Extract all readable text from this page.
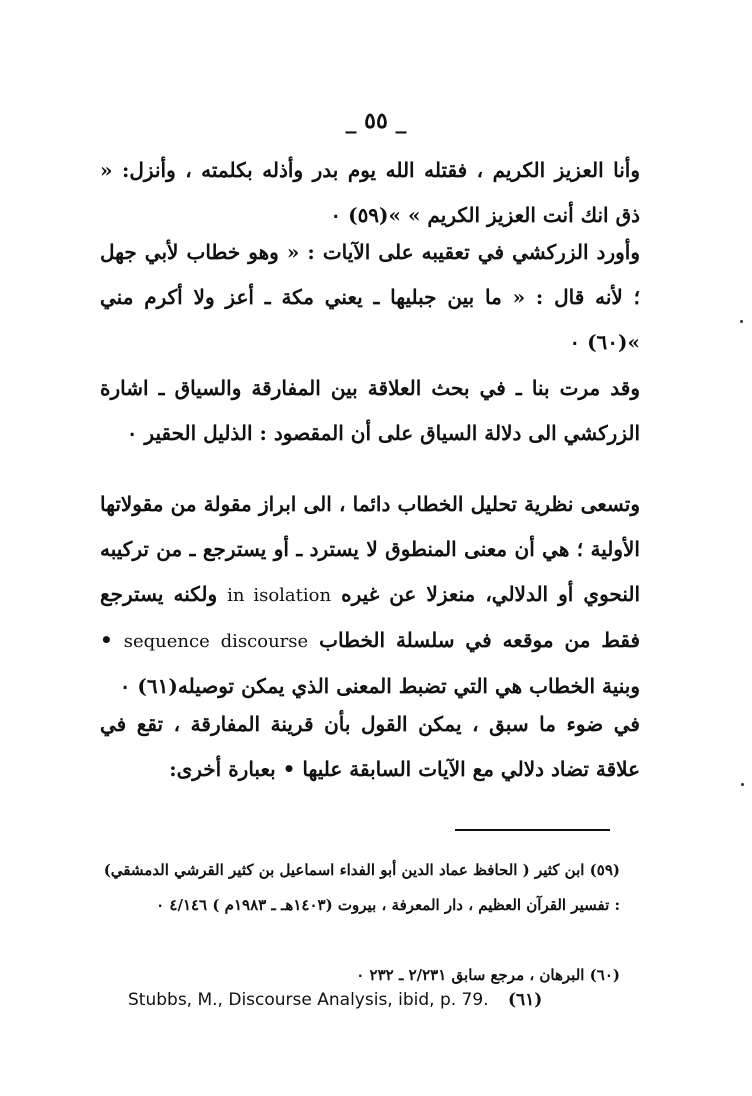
_ ٥٥ _
وأنا العزيز الكريم ، فقتله الله يوم بدر وأذله بكلمته ، وأنزل: « ذق انك أنت العزيز الكريم » »(٥٩) ٠
وأورد الزركشي في تعقيبه على الآيات : « وهو خطاب لأبي جهل ؛ لأنه قال : « ما بين جبليها ـ يعني مكة ـ أعز ولا أكرم مني »(٦٠) ٠
وقد مرت بنا ـ في بحث العلاقة بين المفارقة والسياق ـ اشارة الزركشي الى دلالة السياق على أن المقصود : الذليل الحقير ٠
وتسعى نظرية تحليل الخطاب دائما ، الى ابراز مقولة من مقولاتها الأولية ؛ هي أن معنى المنطوق لا يسترد ـ أو يسترجع ـ من تركيبه النحوي أو الدلالي، منعزلا عن غيره in isolation ولكنه يسترجع فقط من موقعه في سلسلة الخطاب discourse sequence • وبنية الخطاب هي التي تضبط المعنى الذي يمكن توصيله(٦١) ٠
في ضوء ما سبق ، يمكن القول بأن قرينة المفارقة ، تقع في علاقة تضاد دلالي مع الآيات السابقة عليها • بعبارة أخرى:
(٥٩) ابن كثير ( الحافظ عماد الدين أبو الفداء اسماعيل بن كثير القرشي الدمشقي) : تفسير القرآن العظيم ، دار المعرفة ، بيروت (١٤٠٣هـ ـ ١٩٨٣م ) ٤/١٤٦ ٠
(٦٠) البرهان ، مرجع سابق ٢/٢٣١ ـ ٢٣٢ ٠
Stubbs, M., Discourse Analysis, ibid, p. 79. (٦١)
